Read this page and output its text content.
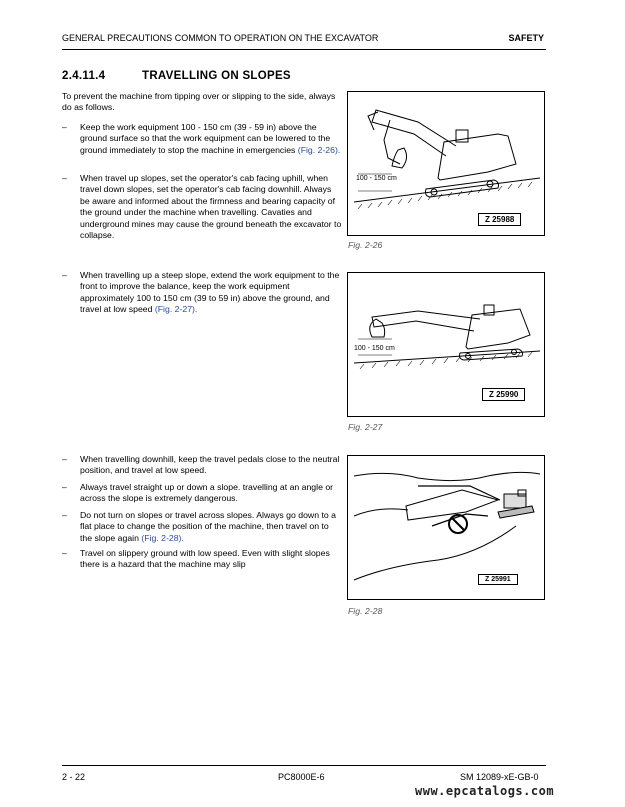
GENERAL PRECAUTIONS COMMON TO OPERATION ON THE EXCAVATOR	SAFETY
2.4.11.4	TRAVELLING ON SLOPES
To prevent the machine from tipping over or slipping to the side, always do as follows.
– Keep the work equipment 100 - 150 cm (39 - 59 in) above the ground surface so that the work equipment can be lowered to the ground immediately to stop the machine in emergencies (Fig. 2-26).
– When travel up slopes, set the operator's cab facing uphill, when travel down slopes, set the operator's cab facing downhill. Always be aware and informed about the firmness and bearing capacity of the ground under the machine when travelling. Cavaties and underground mines may cause the ground beneath the excavator to collapse.
– When travelling up a steep slope, extend the work equipment to the front to improve the balance, keep the work equipment approximately 100 to 150 cm (39 to 59 in) above the ground, and travel at low speed (Fig. 2-27).
– When travelling downhill, keep the travel pedals close to the neutral position, and travel at low speed.
– Always travel straight up or down a slope. travelling at an angle or across the slope is extremely dangerous.
– Do not turn on slopes or travel across slopes. Always go down to a flat place to change the position of the machine, then travel on to the slope again (Fig. 2-28).
– Travel on slippery ground with low speed. Even with slight slopes there is a hazard that the machine may slip
100 - 150 cm
Z 25988
Fig. 2-26
100 - 150 cm
Z 25990
Fig. 2-27
Z 25991
Fig. 2-28
2 - 22	PC8000E-6	SM 12089-xE-GB-0
www.epcatalogs.com
